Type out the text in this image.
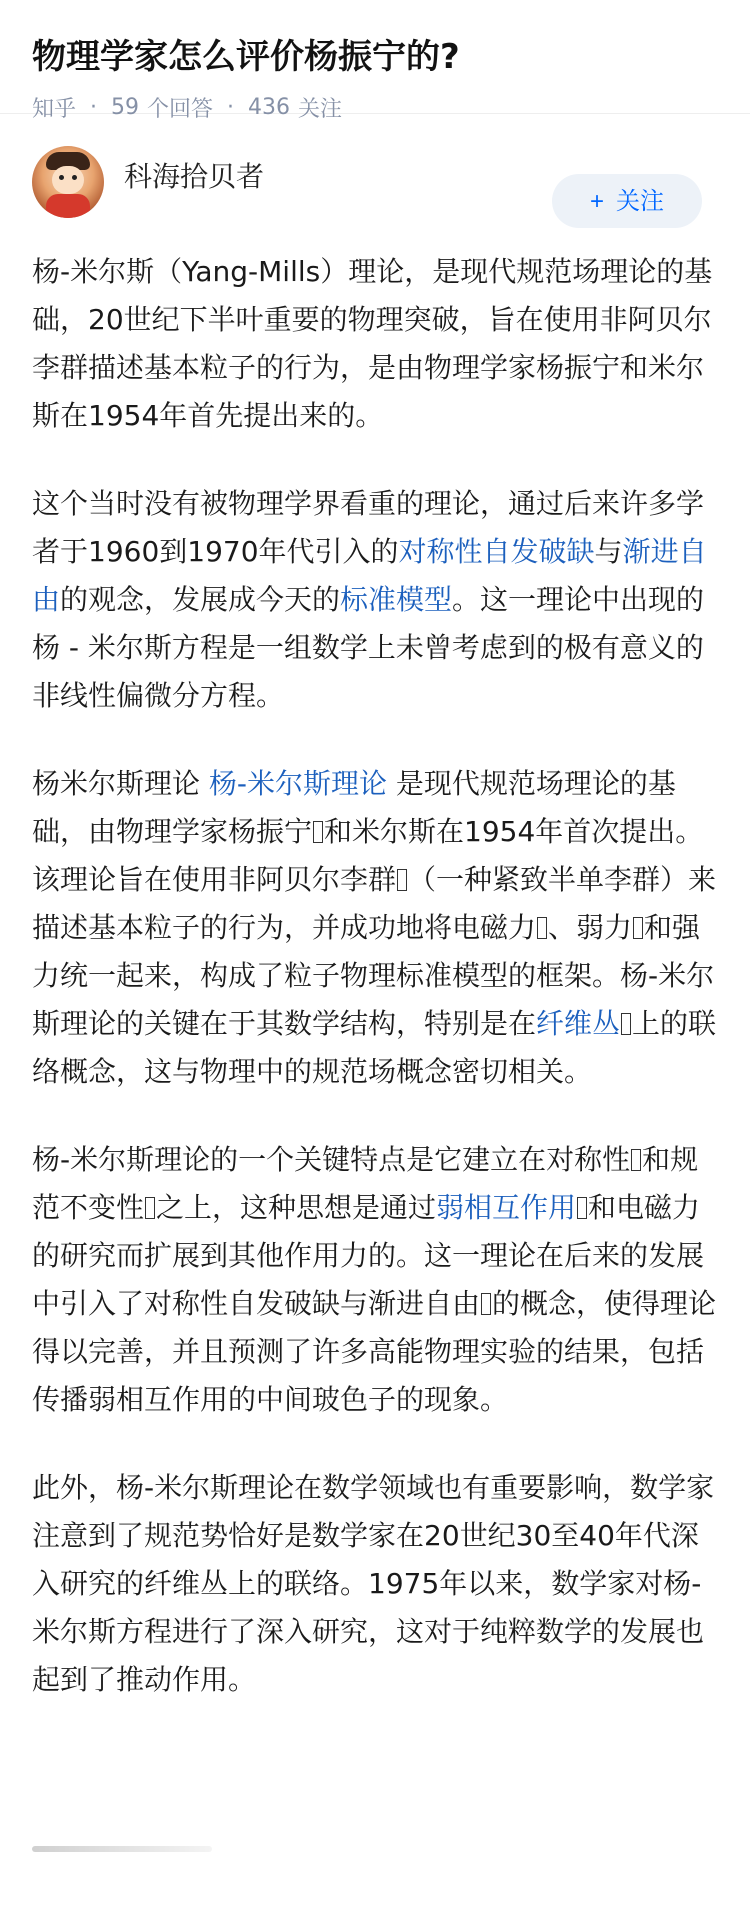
物理学家怎么评价杨振宁的?
知乎 · 59 个回答 · 436 关注
科海拾贝者
+ 关注

杨-米尔斯（Yang-Mills）理论，是现代规范场理论的基础，20世纪下半叶重要的物理突破，旨在使用非阿贝尔李群描述基本粒子的行为，是由物理学家杨振宁和米尔斯在1954年首先提出来的。

这个当时没有被物理学界看重的理论，通过后来许多学者于1960到1970年代引入的对称性自发破缺与渐进自由的观念，发展成今天的标准模型。这一理论中出现的杨 - 米尔斯方程是一组数学上未曾考虑到的极有意义的非线性偏微分方程。

杨米尔斯理论 杨-米尔斯理论 是现代规范场理论的基础，由物理学家杨振宁 和米尔斯在1954年首次提出。该理论旨在使用非阿贝尔李群 （一种紧致半单李群）来描述基本粒子的行为，并成功地将电磁力 、弱力 和强力统一起来，构成了粒子物理标准模型的框架。杨-米尔斯理论的关键在于其数学结构，特别是在纤维丛 上的联络概念，这与物理中的规范场概念密切相关。

杨-米尔斯理论的一个关键特点是它建立在对称性 和规范不变性 之上，这种思想是通过弱相互作用 和电磁力的研究而扩展到其他作用力的。这一理论在后来的发展中引入了对称性自发破缺与渐进自由 的概念，使得理论得以完善，并且预测了许多高能物理实验的结果，包括传播弱相互作用的中间玻色子的现象。

此外，杨-米尔斯理论在数学领域也有重要影响，数学家注意到了规范势恰好是数学家在20世纪30至40年代深入研究的纤维丛上的联络。1975年以来，数学家对杨-米尔斯方程进行了深入研究，这对于纯粹数学的发展也起到了推动作用。
